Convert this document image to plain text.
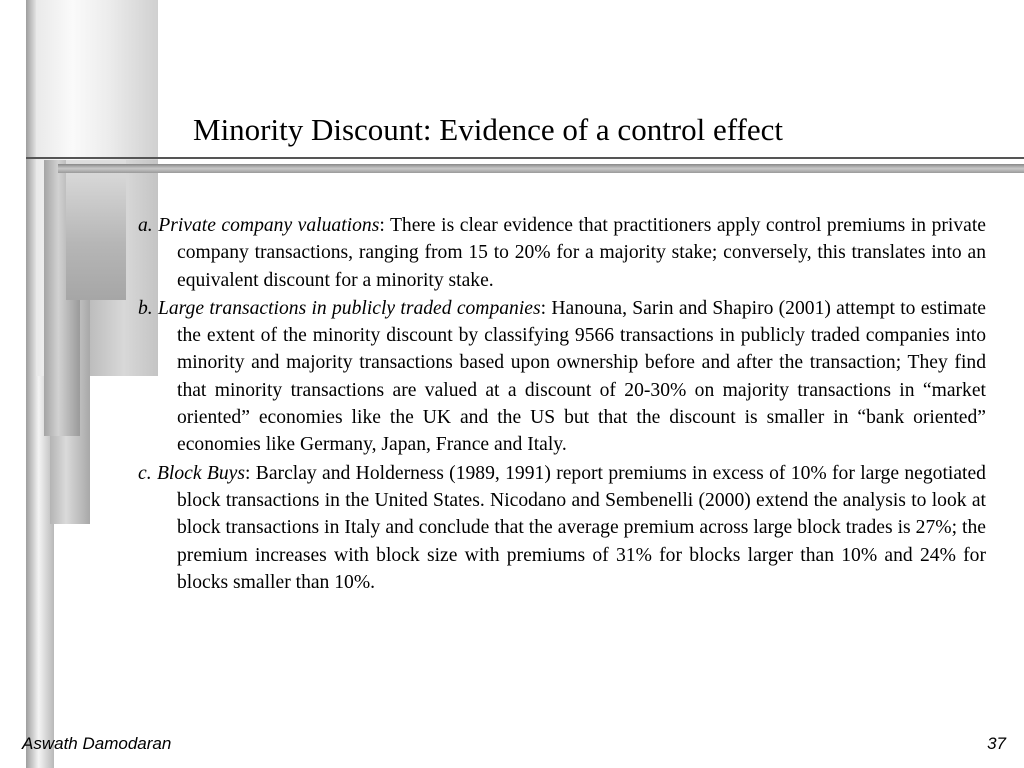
Minority Discount: Evidence of a control effect

a. Private company valuations: There is clear evidence that practitioners apply control premiums in private company transactions, ranging from 15 to 20% for a majority stake; conversely, this translates into an equivalent discount for a minority stake.

b. Large transactions in publicly traded companies: Hanouna, Sarin and Shapiro (2001) attempt to estimate the extent of the minority discount by classifying 9566 transactions in publicly traded companies into minority and majority transactions based upon ownership before and after the transaction; They find that minority transactions are valued at a discount of 20-30% on majority transactions in “market oriented” economies like the UK and the US but that the discount is smaller in “bank oriented” economies like Germany, Japan, France and Italy.

c. Block Buys: Barclay and Holderness (1989, 1991) report premiums in excess of 10% for large negotiated block transactions in the United States. Nicodano and Sembenelli (2000) extend the analysis to look at block transactions in Italy and conclude that the average premium across large block trades is 27%; the premium increases with block size with premiums of 31% for blocks larger than 10% and 24% for blocks smaller than 10%.

Aswath Damodaran	37
